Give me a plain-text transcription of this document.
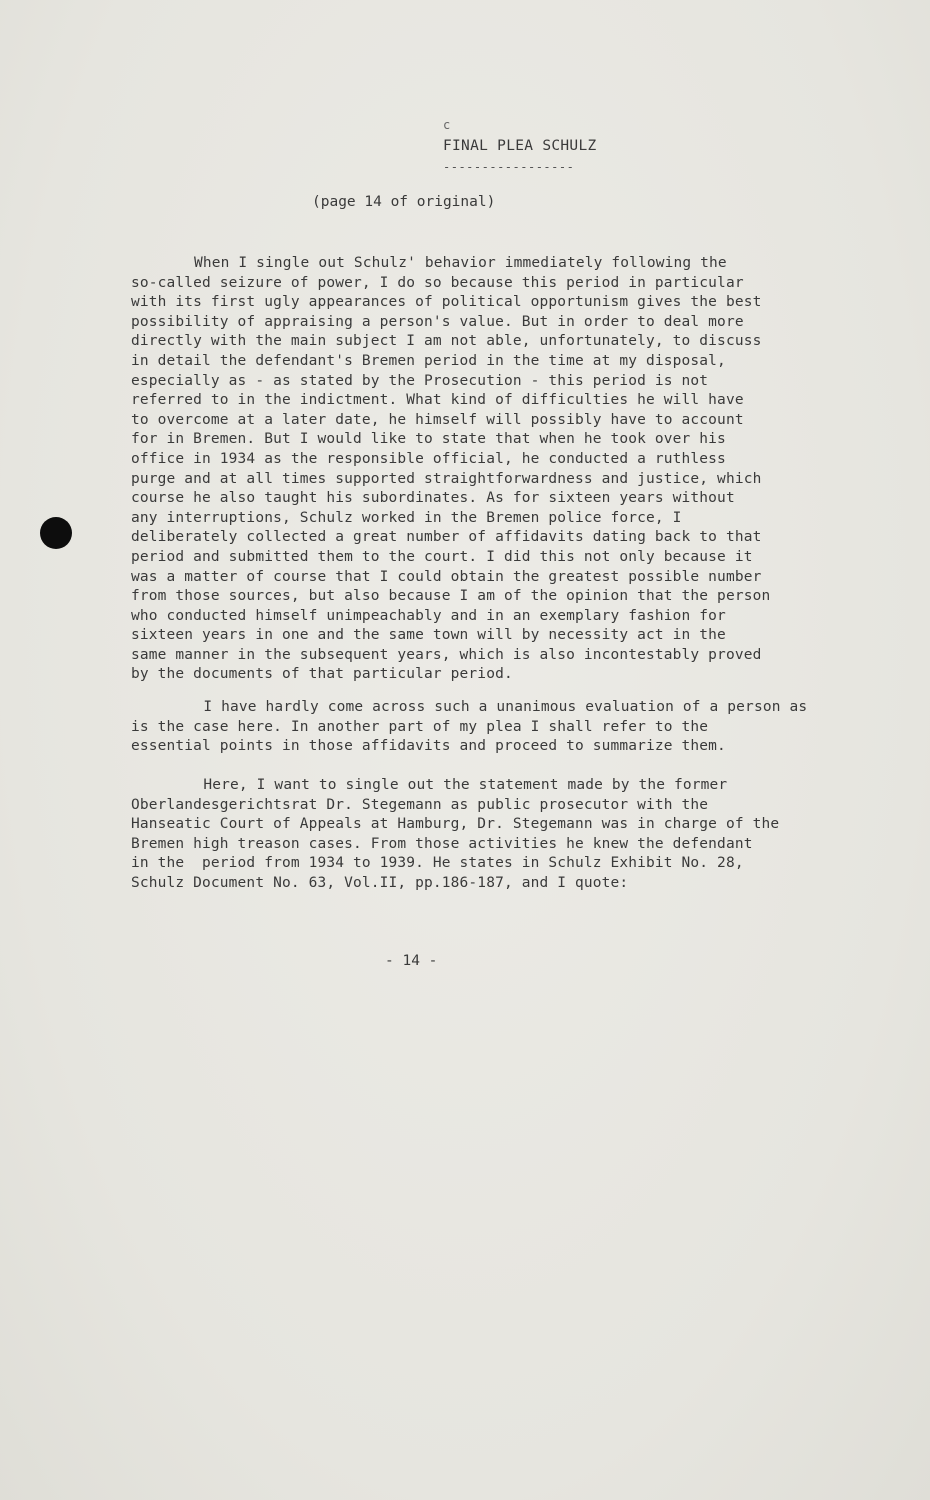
c
FINAL PLEA SCHULZ
-----------------
(page 14 of original)

When I single out Schulz' behavior immediately following the
so-called seizure of power, I do so because this period in particular
with its first ugly appearances of political opportunism gives the best
possibility of appraising a person's value. But in order to deal more
directly with the main subject I am not able, unfortunately, to discuss
in detail the defendant's Bremen period in the time at my disposal,
especially as - as stated by the Prosecution - this period is not
referred to in the indictment. What kind of difficulties he will have
to overcome at a later date, he himself will possibly have to account
for in Bremen. But I would like to state that when he took over his
office in 1934 as the responsible official, he conducted a ruthless
purge and at all times supported straightforwardness and justice, which
course he also taught his subordinates. As for sixteen years without
any interruptions, Schulz worked in the Bremen police force, I
deliberately collected a great number of affidavits dating back to that
period and submitted them to the court. I did this not only because it
was a matter of course that I could obtain the greatest possible number
from those sources, but also because I am of the opinion that the person
who conducted himself unimpeachably and in an exemplary fashion for
sixteen years in one and the same town will by necessity act in the
same manner in the subsequent years, which is also incontestably proved
by the documents of that particular period.

I have hardly come across such a unanimous evaluation of a person as
is the case here. In another part of my plea I shall refer to the
essential points in those affidavits and proceed to summarize them.

Here, I want to single out the statement made by the former
Oberlandesgerichtsrat Dr. Stegemann as public prosecutor with the
Hanseatic Court of Appeals at Hamburg, Dr. Stegemann was in charge of the
Bremen high treason cases. From those activities he knew the defendant
in the  period from 1934 to 1939. He states in Schulz Exhibit No. 28,
Schulz Document No. 63, Vol.II, pp.186-187, and I quote:

- 14 -
